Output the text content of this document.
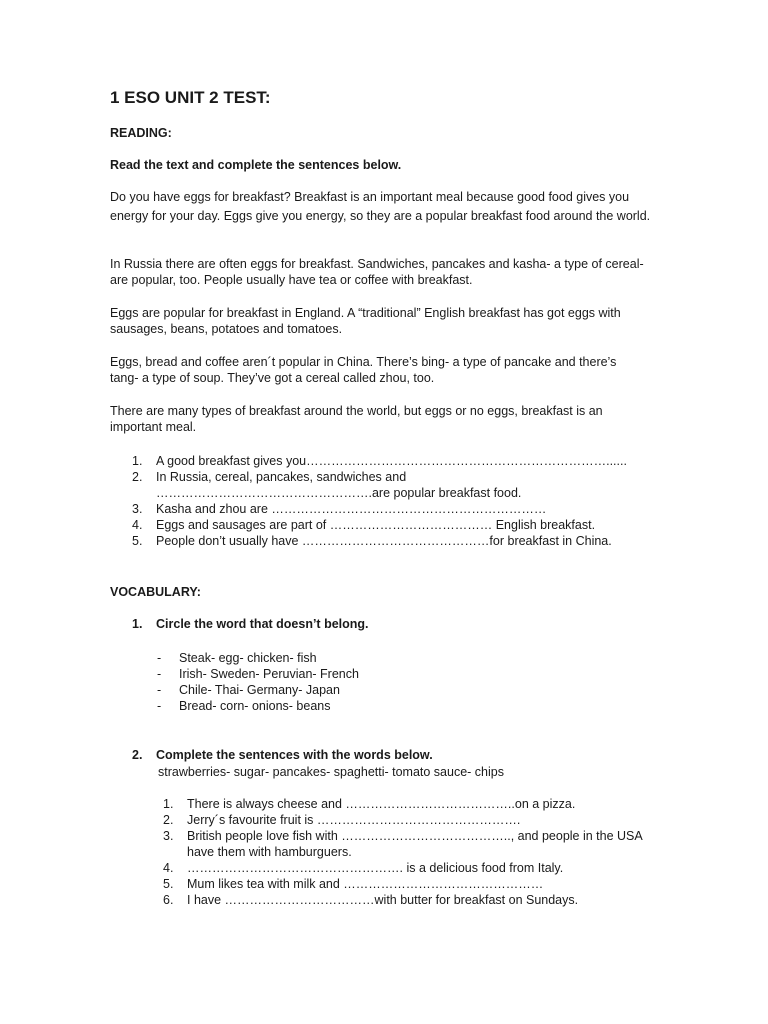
1 ESO UNIT 2 TEST:
READING:
Read the text and complete the sentences below.

Do you have eggs for breakfast? Breakfast is an important meal because good food gives you energy for your day. Eggs give you energy, so they are a popular breakfast food around the world.

In Russia there are often eggs for breakfast. Sandwiches, pancakes and kasha- a type of cereal- are popular, too. People usually have tea or coffee with breakfast.

Eggs are popular for breakfast in England. A “traditional” English breakfast has got eggs with sausages, beans, potatoes and tomatoes.

Eggs, bread and coffee aren´t popular in China. There’s bing- a type of pancake and there’s tang- a type of soup. They’ve got a cereal called zhou, too.

There are many types of breakfast around the world, but eggs or no eggs, breakfast is an important meal.

1. A good breakfast gives you………………………………………………………………......
2. In Russia, cereal, pancakes, sandwiches and …………………………………………….are popular breakfast food.
3. Kasha and zhou are …………………………………………………………
4. Eggs and sausages are part of ………………………………… English breakfast.
5. People don’t usually have ………………………………………for breakfast in China.
VOCABULARY:
1. Circle the word that doesn’t belong.
- Steak- egg- chicken- fish
- Irish- Sweden- Peruvian- French
- Chile- Thai- Germany- Japan
- Bread- corn- onions- beans
2. Complete the sentences with the words below.
strawberries- sugar- pancakes- spaghetti- tomato sauce- chips
1. There is always cheese and …………………………………..on a pizza.
2. Jerry´s favourite fruit is ………………………………………….
3. British people love fish with ………………………………….., and people in the USA have them with hamburguers.
4. ……………………………………………. is a delicious food from Italy.
5. Mum likes tea with milk and …………………………………………
6. I have ………………………………with butter for breakfast on Sundays.
